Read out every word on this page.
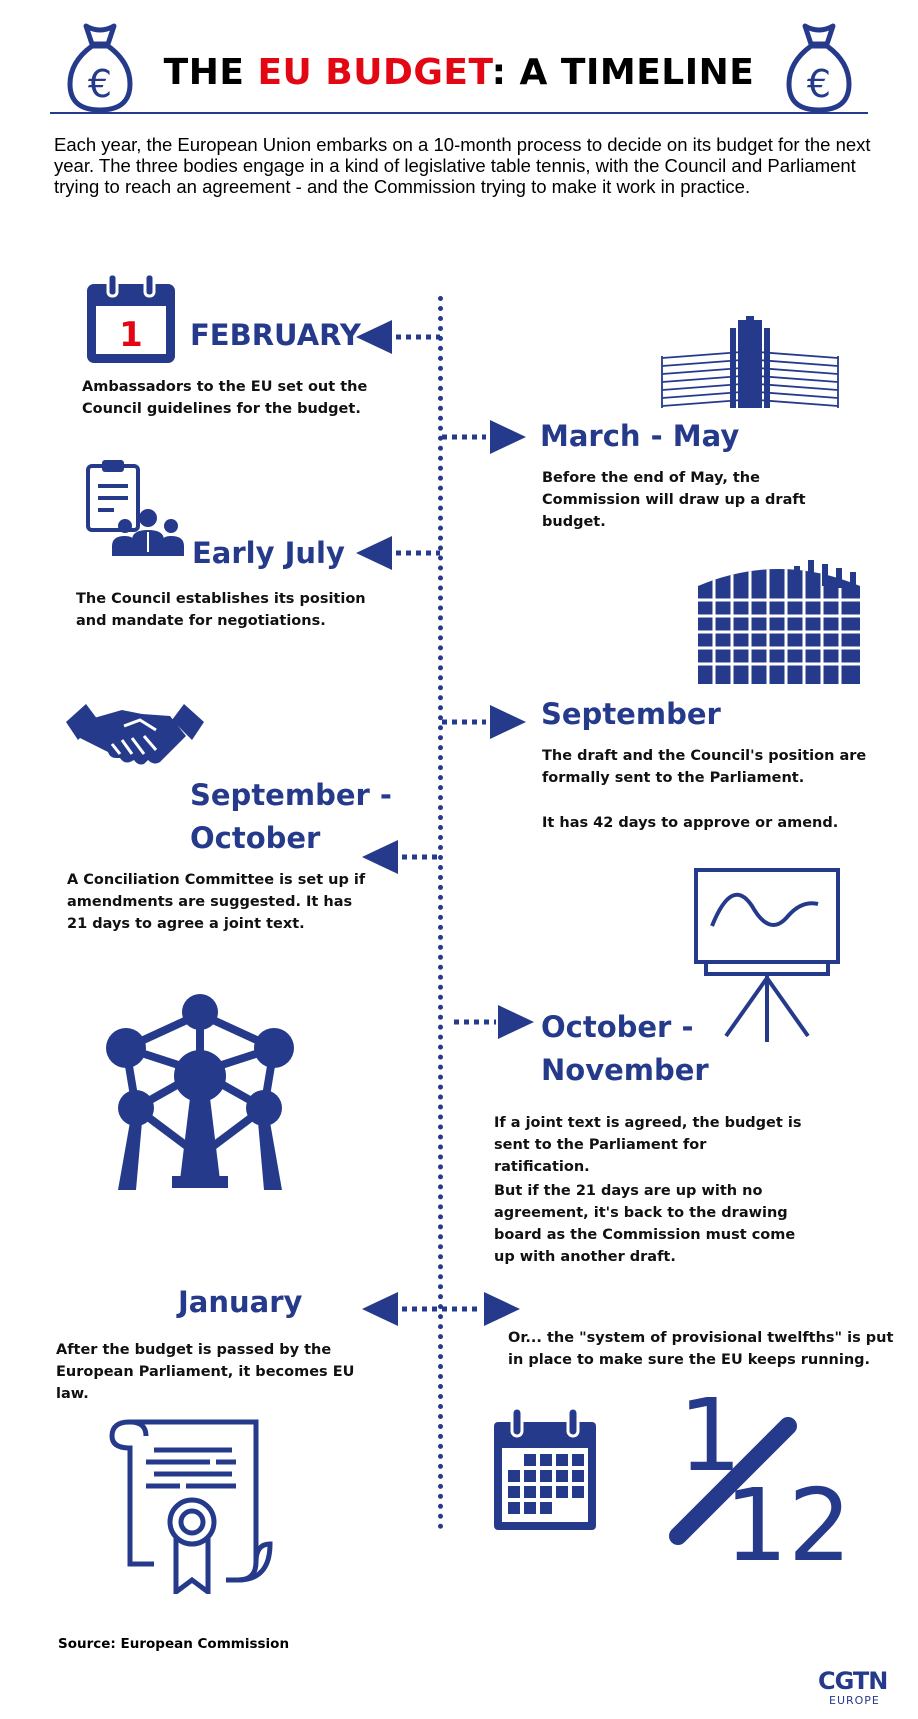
€	€
THE EU BUDGET: A TIMELINE
Each year, the European Union embarks on a 10-month process to decide on its budget for the next year. The three bodies engage in a kind of legislative table tennis, with the Council and Parliament trying to reach an agreement - and the Commission trying to make it work in practice.
1 FEBRUARY
Ambassadors to the EU set out the Council guidelines for the budget.
March - May
Before the end of May, the Commission will draw up a draft budget.
Early July
The Council establishes its position and mandate for negotiations.
September
The draft and the Council's position are formally sent to the Parliament.
It has 42 days to approve or amend.
September -
October
A Conciliation Committee is set up if amendments are suggested. It has 21 days to agree a joint text.
October -
November
If a joint text is agreed, the budget is sent to the Parliament for ratification.
But if the 21 days are up with no agreement, it's back to the drawing board as the Commission must come up with another draft.
January
After the budget is passed by the European Parliament, it becomes EU law.
Or... the "system of provisional twelfths" is put in place to make sure the EU keeps running.
1
12
Source: European Commission
CGTN
EUROPE
